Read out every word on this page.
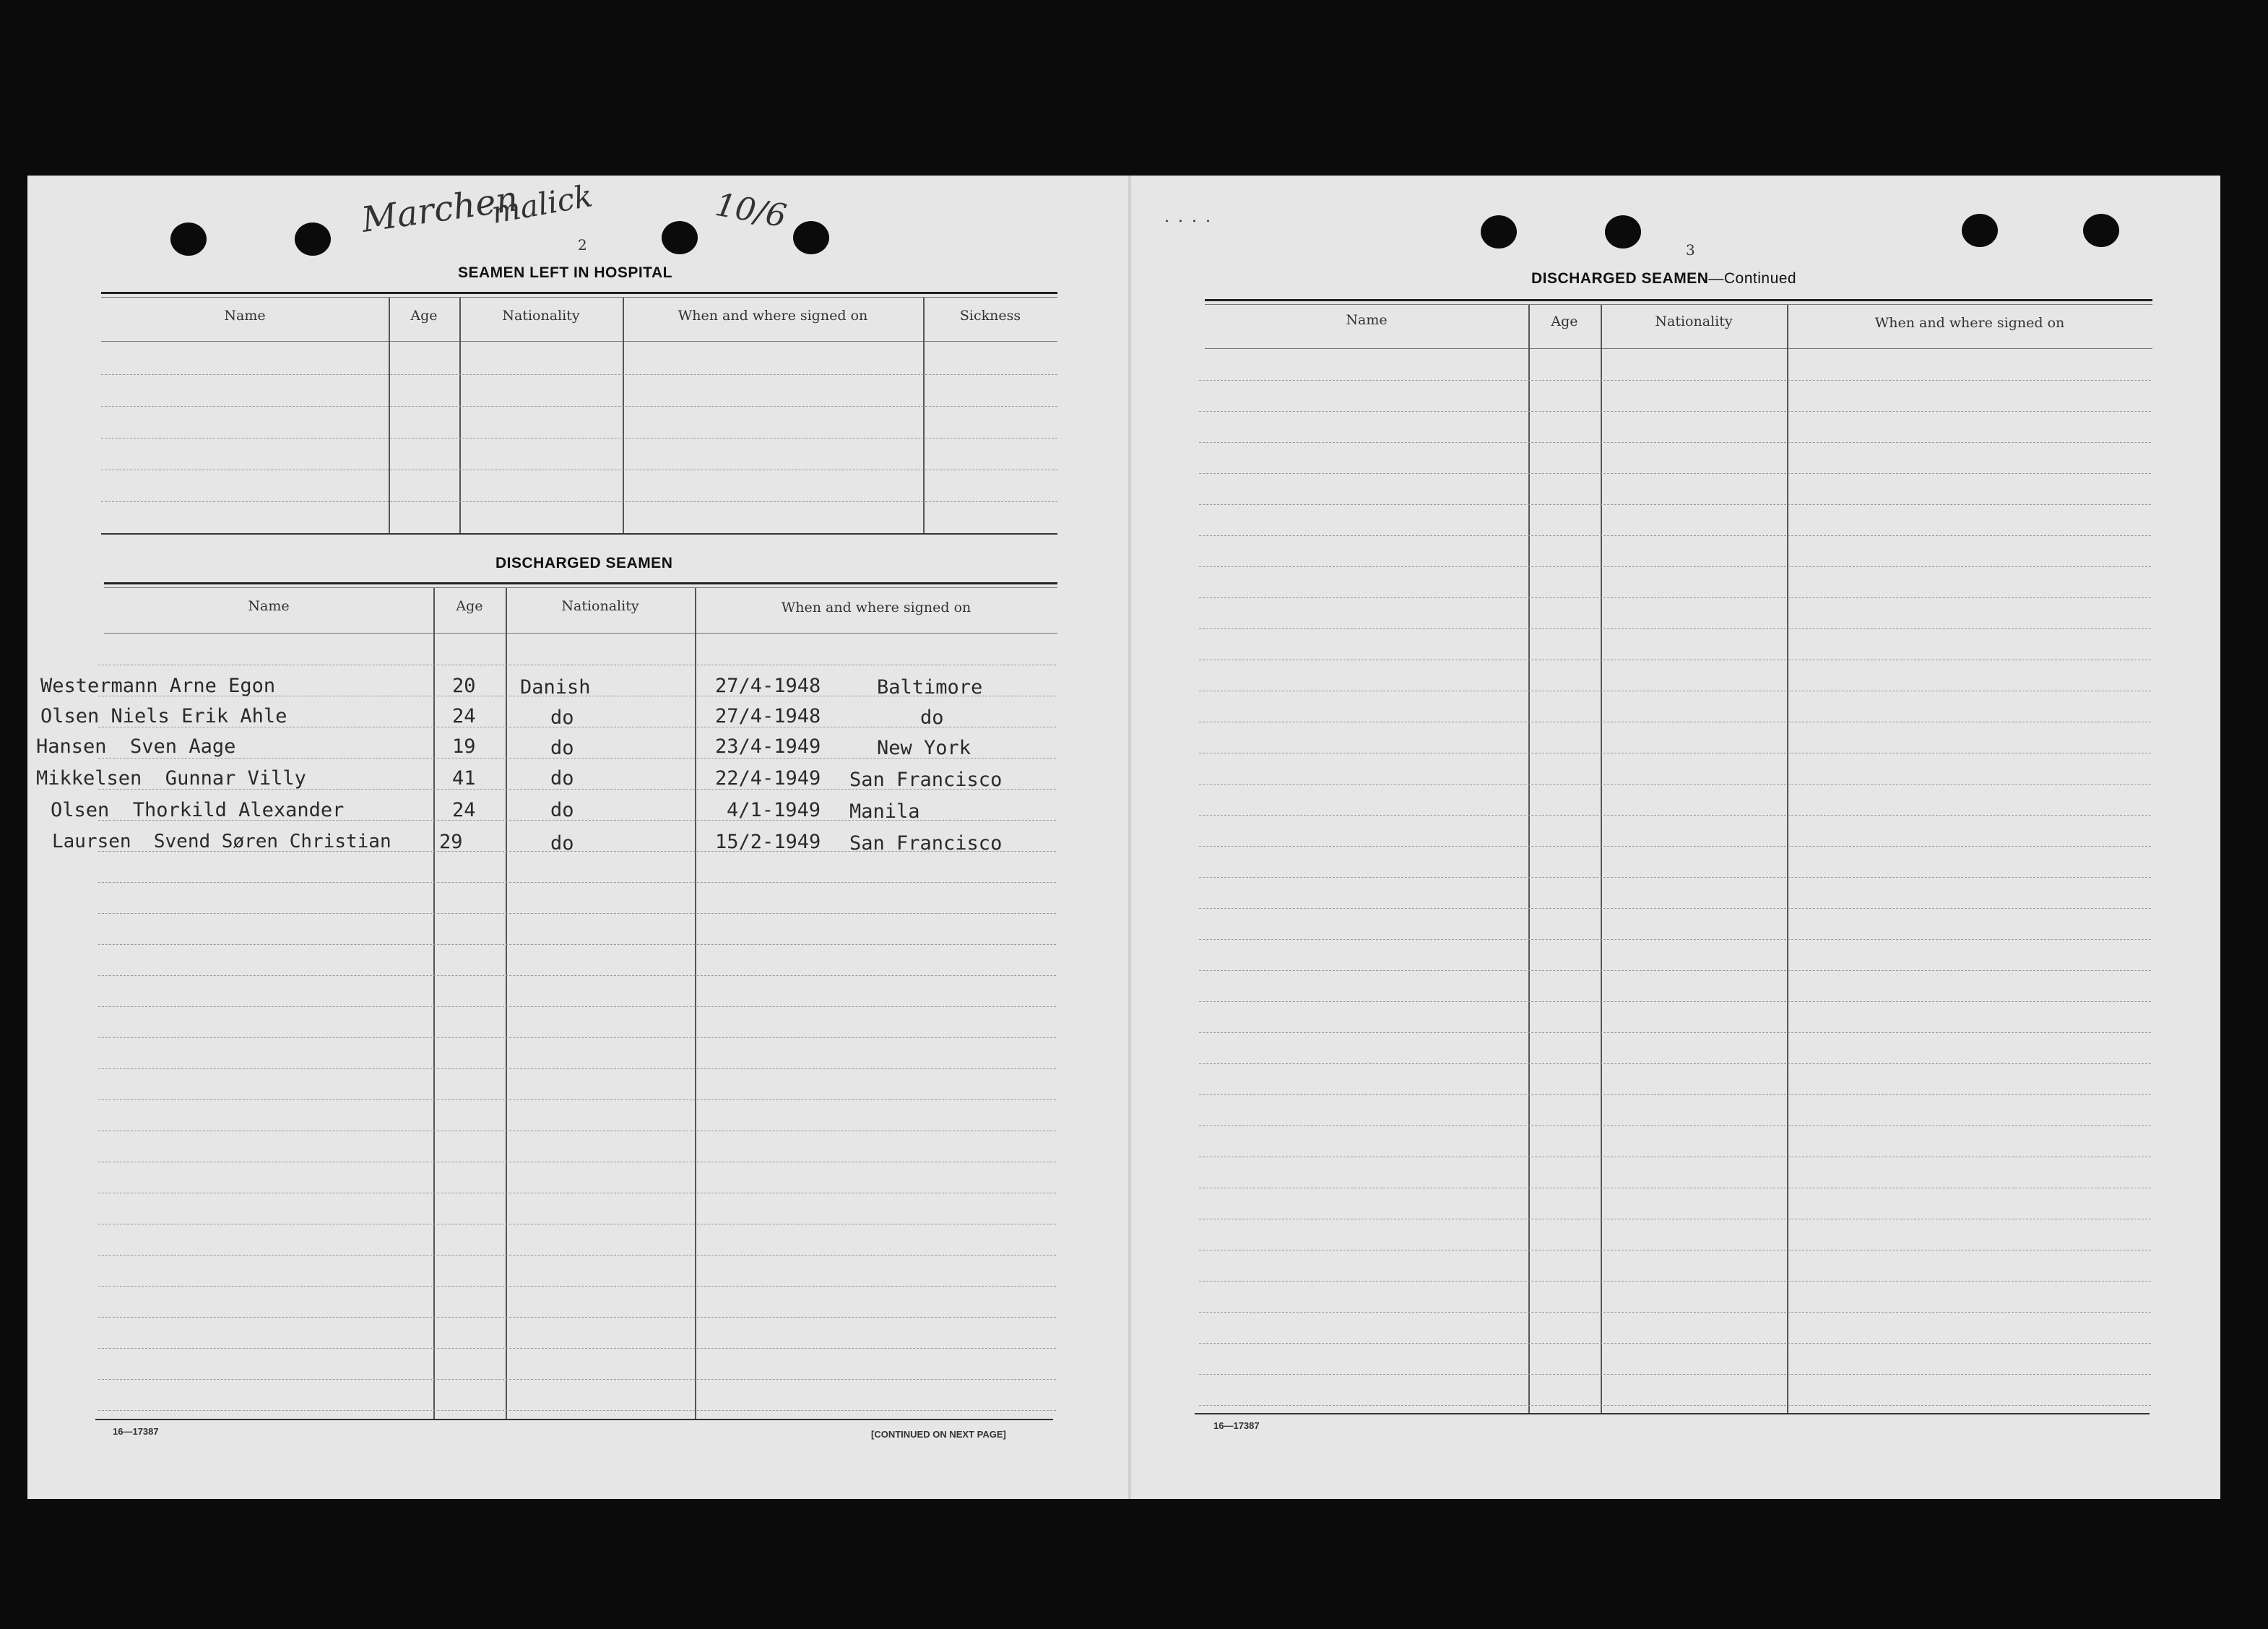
Marchen
malick	10/6
2
SEAMEN LEFT IN HOSPITAL
Name	Age	Nationality	When and where signed on	Sickness
DISCHARGED SEAMEN
Name	Age	Nationality	When and where signed on
Westermann Arne Egon	20 Danish	27/4-1948	Baltimore
Olsen Niels Erik Ahle	24	do	27/4-1948	do
Hansen  Sven Aage	19	do	23/4-1949	New York
Mikkelsen  Gunnar Villy	41	do	22/4-1949 San Francisco
Olsen  Thorkild Alexander	24	do	4/1-1949 Manila
Laursen  Svend Søren Christian 29	do	15/2-1949 San Francisco
16—17387	[CONTINUED ON NEXT PAGE]
....
3
DISCHARGED SEAMEN—Continued
Name	Age	Nationality	When and where signed on
16—17387
